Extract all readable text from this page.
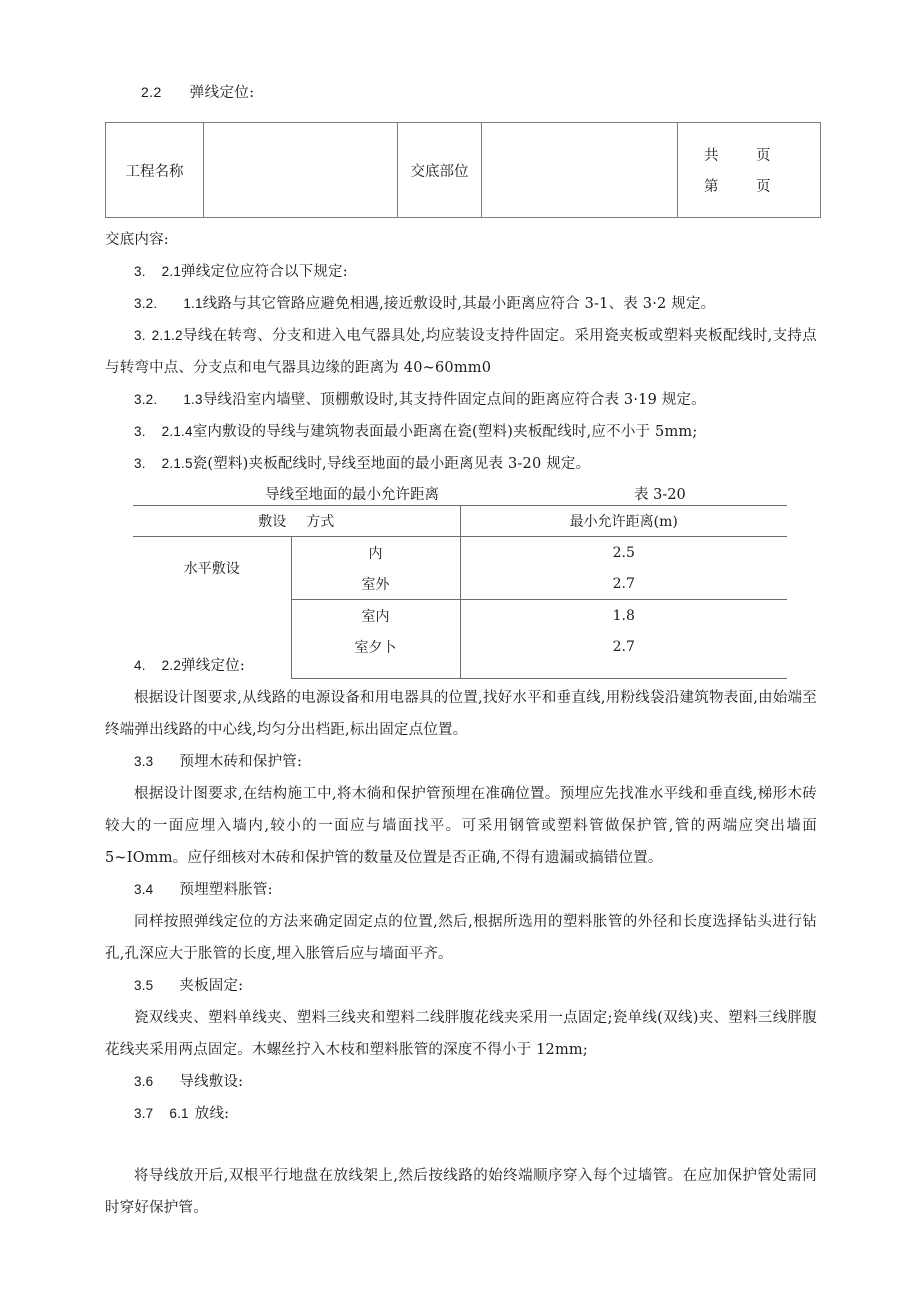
2.2 弹线定位:
工程名称		交底部位		
共	页
第	页

交底内容:

3. 2.1弹线定位应符合以下规定:

3.2. 1.1线路与其它管路应避免相遇,接近敷设时,其最小距离应符合 3-1、表 3·2 规定。

3. 2.1.2导线在转弯、分支和进入电气器具处,均应装设支持件固定。采用瓷夹板或塑料夹板配线时,支持点与转弯中点、分支点和电气器具边缘的距离为 40~60mm0

3.2. 1.3导线沿室内墙壁、顶棚敷设时,其支持件固定点间的距离应符合表 3·19 规定。

3. 2.1.4室内敷设的导线与建筑物表面最小距离在瓷(塑料)夹板配线时,应不小于 5mm;

3. 2.1.5瓷(塑料)夹板配线时,导线至地面的最小距离见表 3-20 规定。

导线至地面的最小允许距离	表 3-20
敷设 方式		最小允许距离(m)
水平敷设	内	2.5
	室外	2.7
	室内	1.8
	室夕卜	2.7

4. 2.2弹线定位:

根据设计图要求,从线路的电源设备和用电器具的位置,找好水平和垂直线,用粉线袋沿建筑物表面,由始端至终端弹出线路的中心线,均匀分出档距,标出固定点位置。

3.3 预埋木砖和保护管:

根据设计图要求,在结构施工中,将木徜和保护管预埋在准确位置。预埋应先找准水平线和垂直线,梯形木砖较大的一面应埋入墙内,较小的一面应与墙面找平。可采用钢管或塑料管做保护管,管的两端应突出墙面 5~IOmm。应仔细核对木砖和保护管的数量及位置是否正确,不得有遗漏或搞错位置。

3.4 预埋塑料胀管:

同样按照弹线定位的方法来确定固定点的位置,然后,根据所选用的塑料胀管的外径和长度选择钻头进行钻孔,孔深应大于胀管的长度,埋入胀管后应与墙面平齐。

3.5 夹板固定:

瓷双线夹、塑料单线夹、塑料三线夹和塑料二线胖腹花线夹采用一点固定;瓷单线(双线)夹、塑料三线胖腹花线夹采用两点固定。木螺丝拧入木枝和塑料胀管的深度不得小于 12mm;

3.6 导线敷设:

3.7 6.1 放线:

将导线放开后,双根平行地盘在放线架上,然后按线路的始终端顺序穿入每个过墙管。在应加保护管处需同时穿好保护管。
